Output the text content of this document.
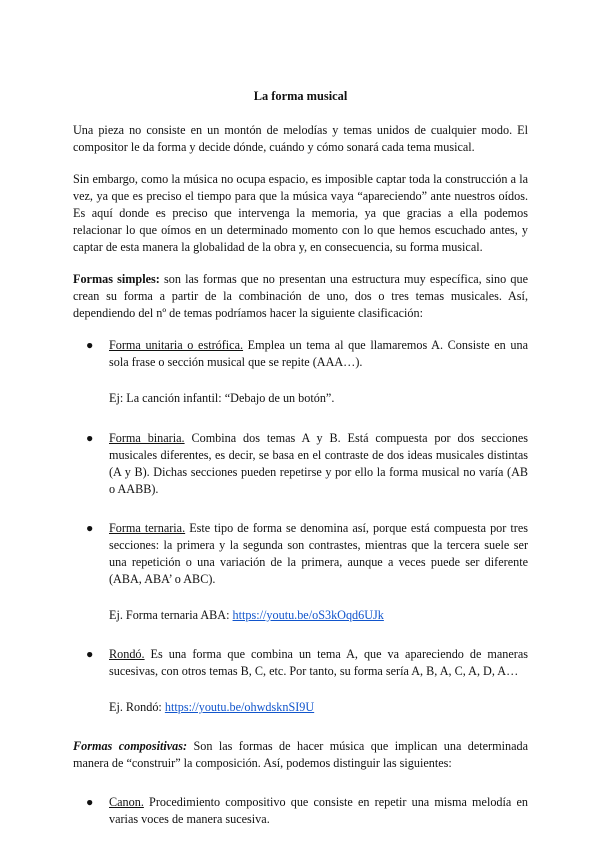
La forma musical

Una pieza no consiste en un montón de melodías y temas unidos de cualquier modo. El compositor le da forma y decide dónde, cuándo y cómo sonará cada tema musical.

Sin embargo, como la música no ocupa espacio, es imposible captar toda la construcción a la vez, ya que es preciso el tiempo para que la música vaya “apareciendo” ante nuestros oídos. Es aquí donde es preciso que intervenga la memoria, ya que gracias a ella podemos relacionar lo que oímos en un determinado momento con lo que hemos escuchado antes, y captar de esta manera la globalidad de la obra y, en consecuencia, su forma musical.

Formas simples: son las formas que no presentan una estructura muy específica, sino que crean su forma a partir de la combinación de uno, dos o tres temas musicales. Así, dependiendo del nº de temas podríamos hacer la siguiente clasificación:

● Forma unitaria o estrófica. Emplea un tema al que llamaremos A. Consiste en una sola frase o sección musical que se repite (AAA…).
Ej: La canción infantil: “Debajo de un botón”.
● Forma binaria. Combina dos temas A y B. Está compuesta por dos secciones musicales diferentes, es decir, se basa en el contraste de dos ideas musicales distintas (A y B). Dichas secciones pueden repetirse y por ello la forma musical no varía (AB o AABB).
● Forma ternaria. Este tipo de forma se denomina así, porque está compuesta por tres secciones: la primera y la segunda son contrastes, mientras que la tercera suele ser una repetición o una variación de la primera, aunque a veces puede ser diferente (ABA, ABA’ o ABC).
Ej. Forma ternaria ABA: https://youtu.be/oS3kOqd6UJk
● Rondó. Es una forma que combina un tema A, que va apareciendo de maneras sucesivas, con otros temas B, C, etc. Por tanto, su forma sería A, B, A, C, A, D, A…
Ej. Rondó: https://youtu.be/ohwdsknSI9U

Formas compositivas: Son las formas de hacer música que implican una determinada manera de “construir” la composición. Así, podemos distinguir las siguientes:

● Canon. Procedimiento compositivo que consiste en repetir una misma melodía en varias voces de manera sucesiva.
